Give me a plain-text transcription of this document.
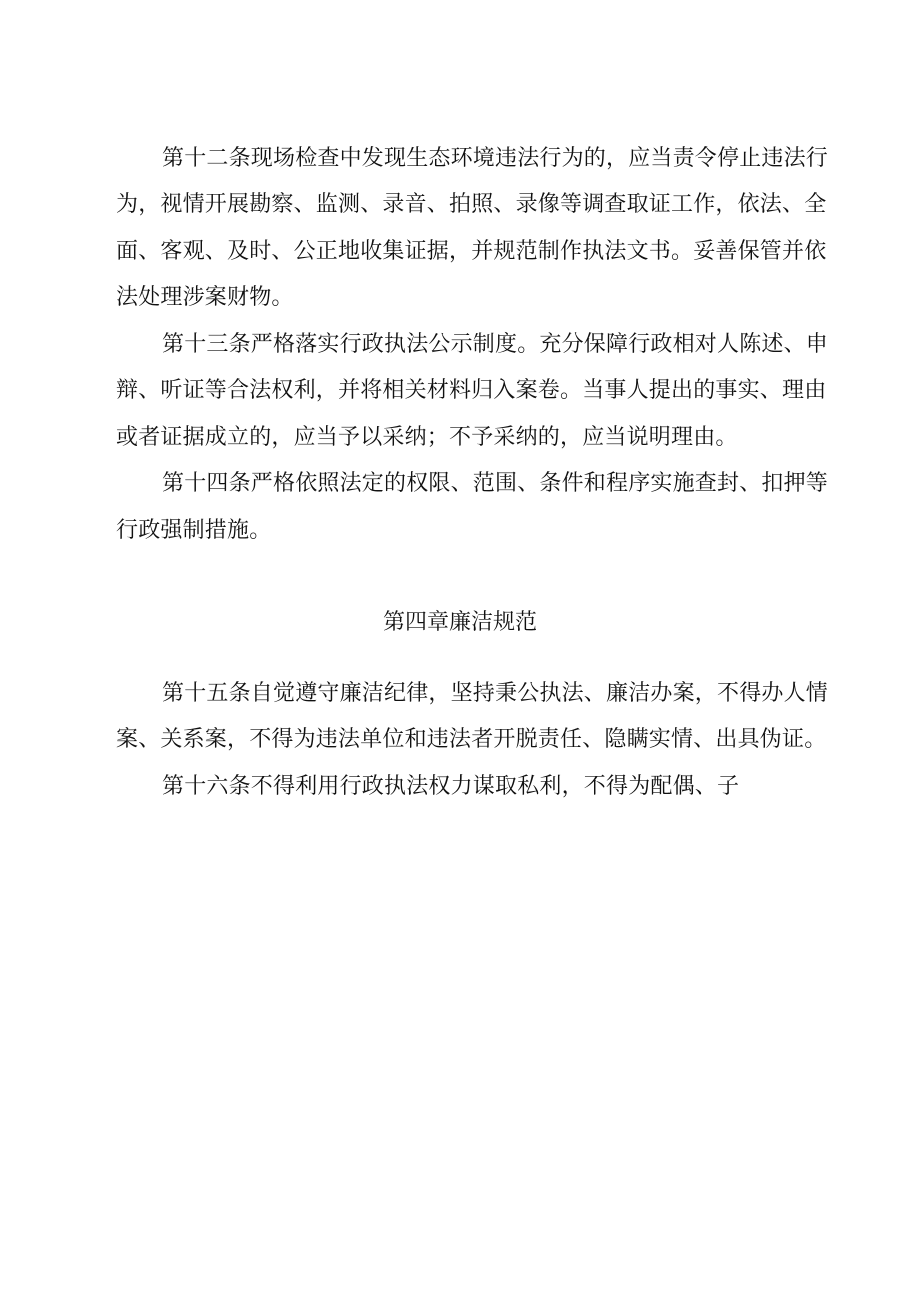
第十二条现场检查中发现生态环境违法行为的，应当责令停止违法行
为，视情开展勘察、监测、录音、拍照、录像等调查取证工作，依法、全
面、客观、及时、公正地收集证据，并规范制作执法文书。妥善保管并依
法处理涉案财物。
第十三条严格落实行政执法公示制度。充分保障行政相对人陈述、申
辩、听证等合法权利，并将相关材料归入案卷。当事人提出的事实、理由
或者证据成立的，应当予以采纳；不予采纳的，应当说明理由。
第十四条严格依照法定的权限、范围、条件和程序实施查封、扣押等
行政强制措施。
第四章廉洁规范
第十五条自觉遵守廉洁纪律，坚持秉公执法、廉洁办案，不得办人情
案、关系案，不得为违法单位和违法者开脱责任、隐瞒实情、出具伪证。
第十六条不得利用行政执法权力谋取私利，不得为配偶、子
